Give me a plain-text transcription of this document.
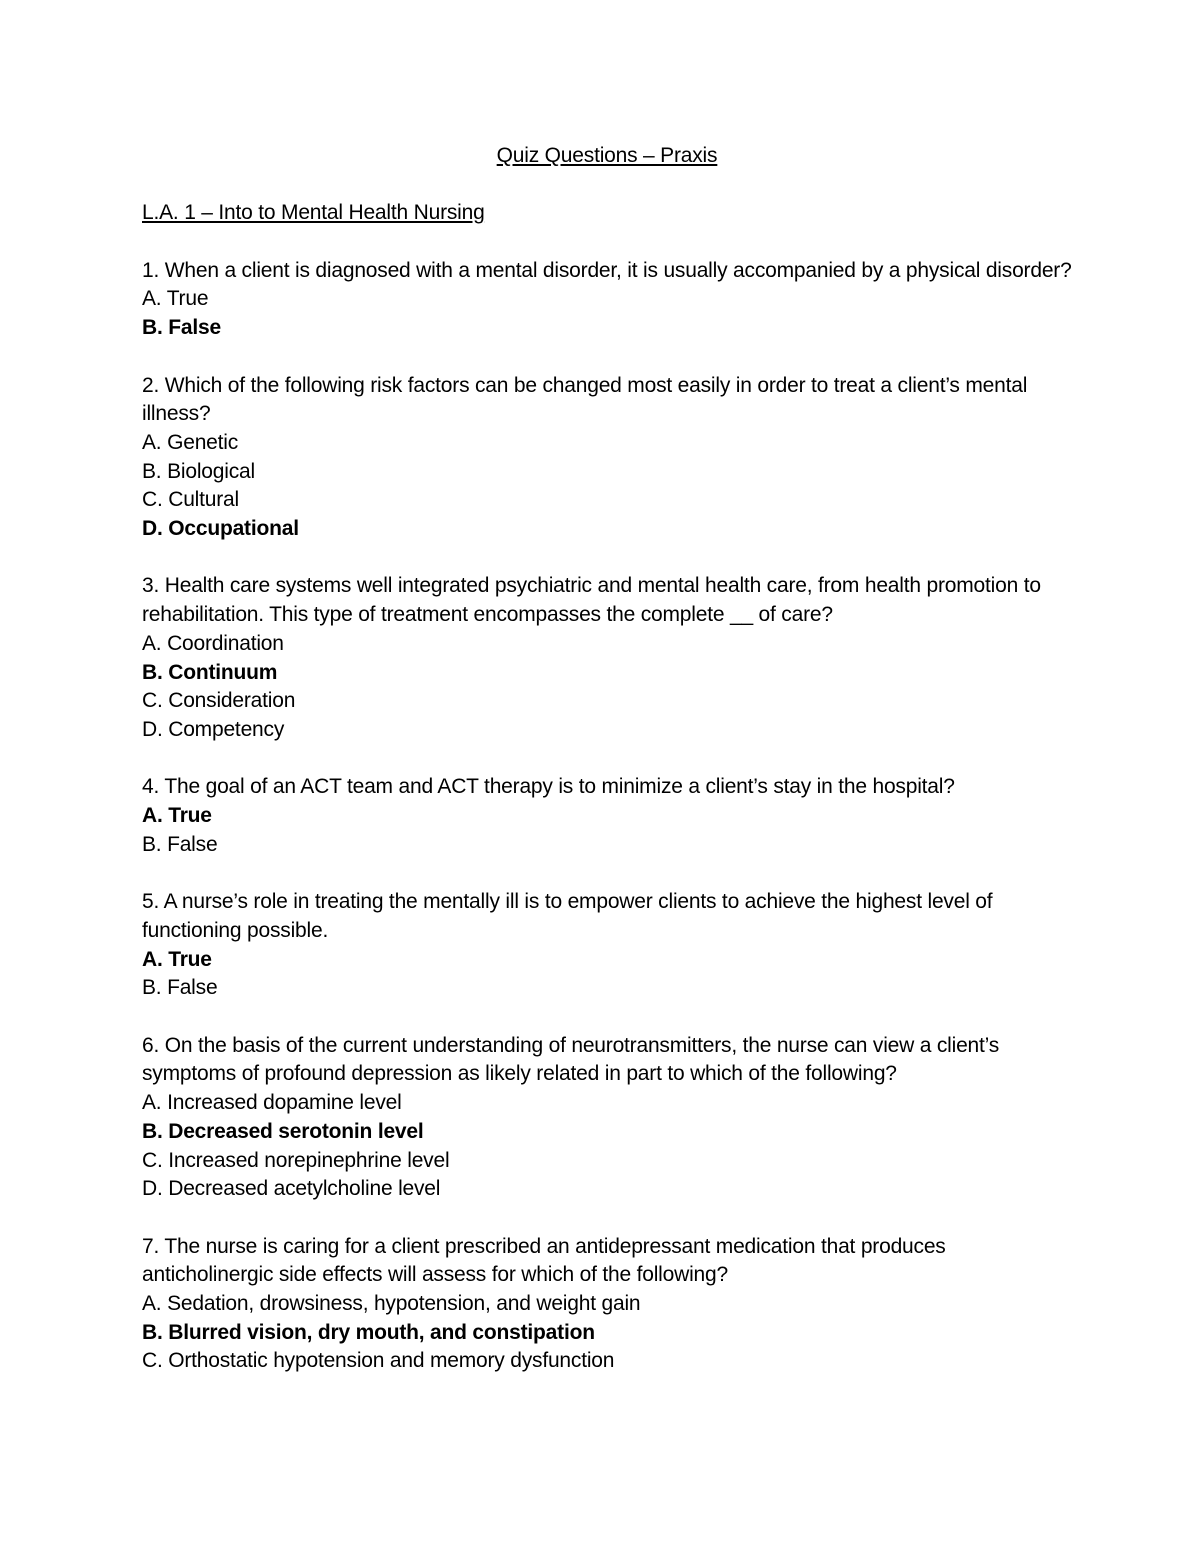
Quiz Questions – Praxis

L.A. 1 – Into to Mental Health Nursing

1. When a client is diagnosed with a mental disorder, it is usually accompanied by a physical disorder?

A. True

B. False

2. Which of the following risk factors can be changed most easily in order to treat a client’s mental illness?

A. Genetic

B. Biological

C. Cultural

D. Occupational

3. Health care systems well integrated psychiatric and mental health care, from health promotion to rehabilitation. This type of treatment encompasses the complete __ of care?

A. Coordination

B. Continuum

C. Consideration

D. Competency

4. The goal of an ACT team and ACT therapy is to minimize a client’s stay in the hospital?

A. True

B. False

5. A nurse’s role in treating the mentally ill is to empower clients to achieve the highest level of functioning possible.

A. True

B. False

6. On the basis of the current understanding of neurotransmitters, the nurse can view a client’s symptoms of profound depression as likely related in part to which of the following?

A. Increased dopamine level

B. Decreased serotonin level

C. Increased norepinephrine level

D. Decreased acetylcholine level

7. The nurse is caring for a client prescribed an antidepressant medication that produces anticholinergic side effects will assess for which of the following?

A. Sedation, drowsiness, hypotension, and weight gain

B. Blurred vision, dry mouth, and constipation

C. Orthostatic hypotension and memory dysfunction
